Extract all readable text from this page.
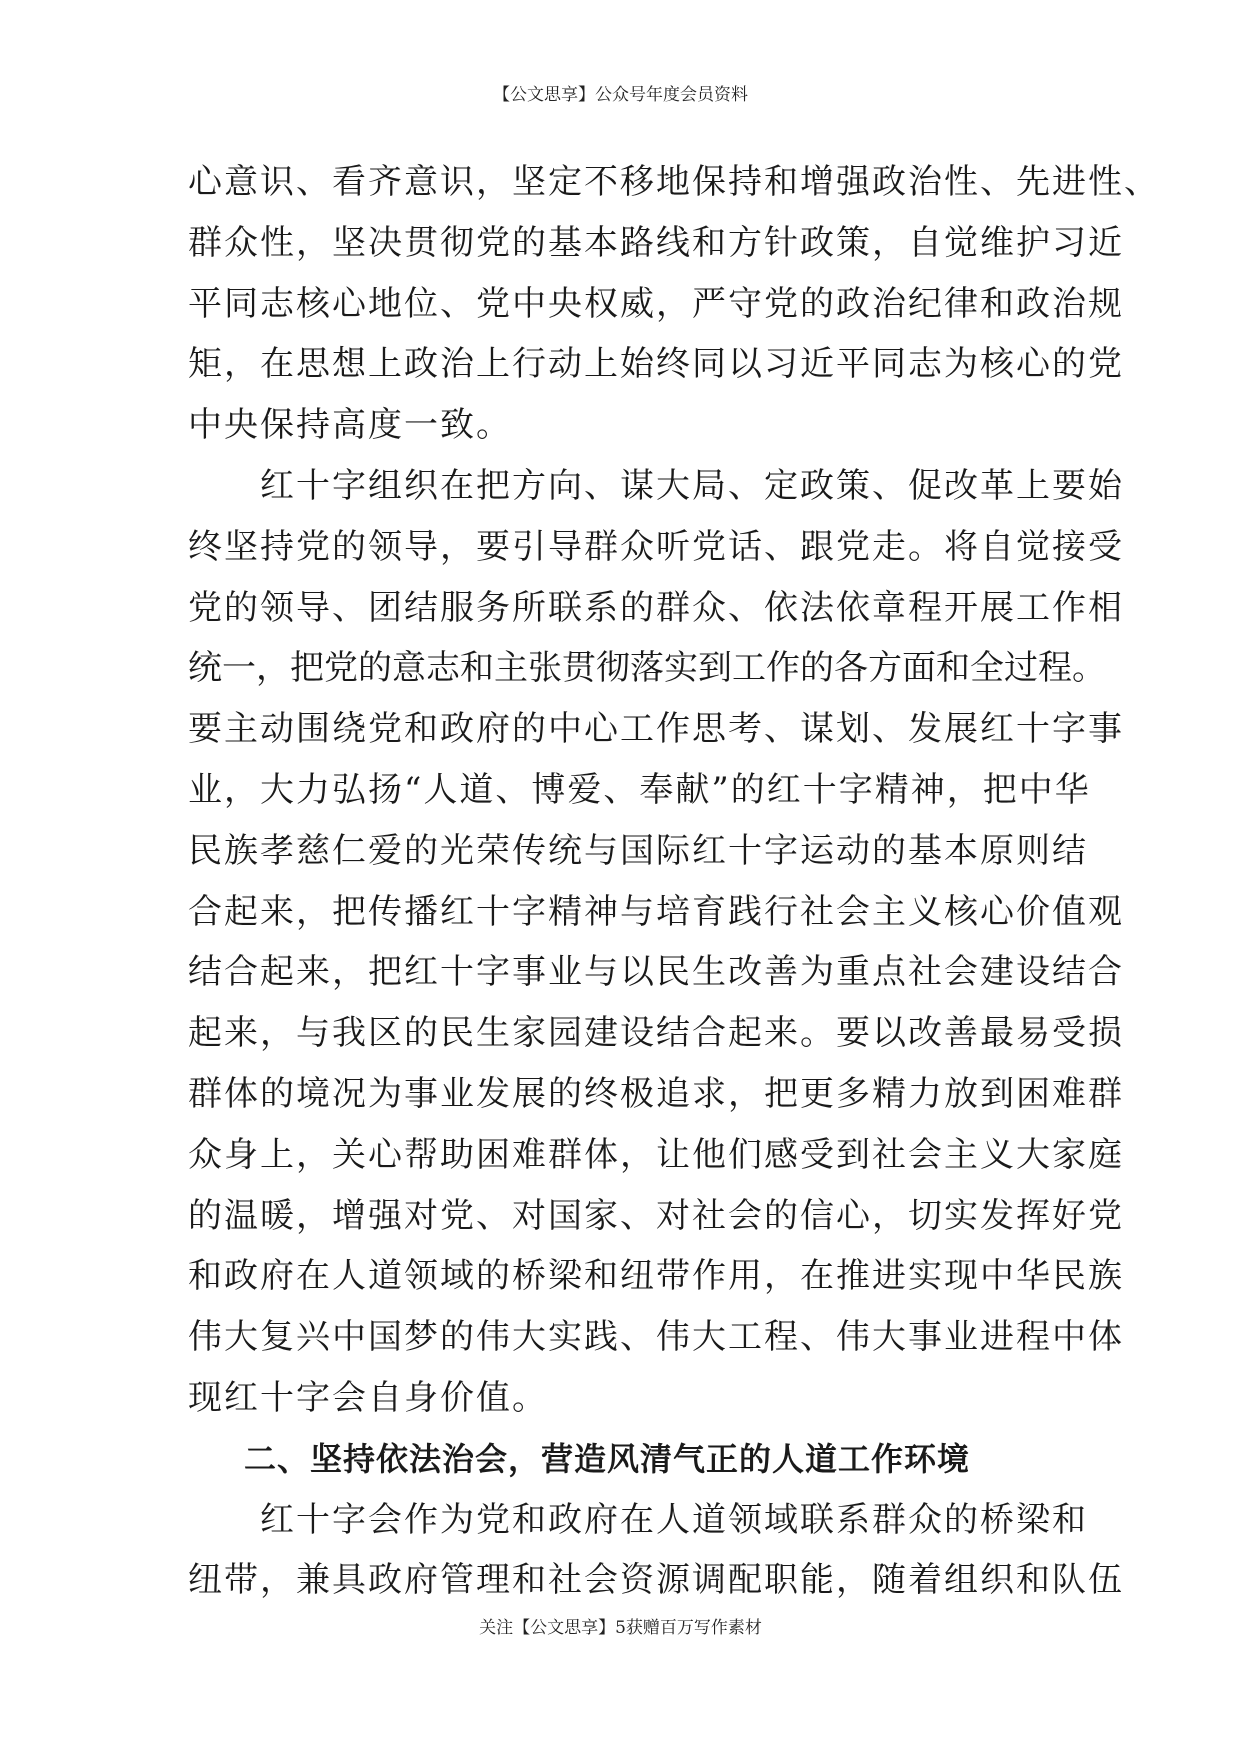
【公文思享】公众号年度会员资料
心意识、看齐意识，坚定不移地保持和增强政治性、先进性、
群众性，坚决贯彻党的基本路线和方针政策，自觉维护习近
平同志核心地位、党中央权威，严守党的政治纪律和政治规
矩，在思想上政治上行动上始终同以习近平同志为核心的党
中央保持高度一致。
红十字组织在把方向、谋大局、定政策、促改革上要始
终坚持党的领导，要引导群众听党话、跟党走。将自觉接受
党的领导、团结服务所联系的群众、依法依章程开展工作相
统一，把党的意志和主张贯彻落实到工作的各方面和全过程。
要主动围绕党和政府的中心工作思考、谋划、发展红十字事
业，大力弘扬“人道、博爱、奉献”的红十字精神，把中华
民族孝慈仁爱的光荣传统与国际红十字运动的基本原则结
合起来，把传播红十字精神与培育践行社会主义核心价值观
结合起来，把红十字事业与以民生改善为重点社会建设结合
起来，与我区的民生家园建设结合起来。要以改善最易受损
群体的境况为事业发展的终极追求，把更多精力放到困难群
众身上，关心帮助困难群体，让他们感受到社会主义大家庭
的温暖，增强对党、对国家、对社会的信心，切实发挥好党
和政府在人道领域的桥梁和纽带作用，在推进实现中华民族
伟大复兴中国梦的伟大实践、伟大工程、伟大事业进程中体
现红十字会自身价值。
二、坚持依法治会，营造风清气正的人道工作环境
红十字会作为党和政府在人道领域联系群众的桥梁和
纽带，兼具政府管理和社会资源调配职能，随着组织和队伍
关注【公文思享】5获赠百万写作素材
